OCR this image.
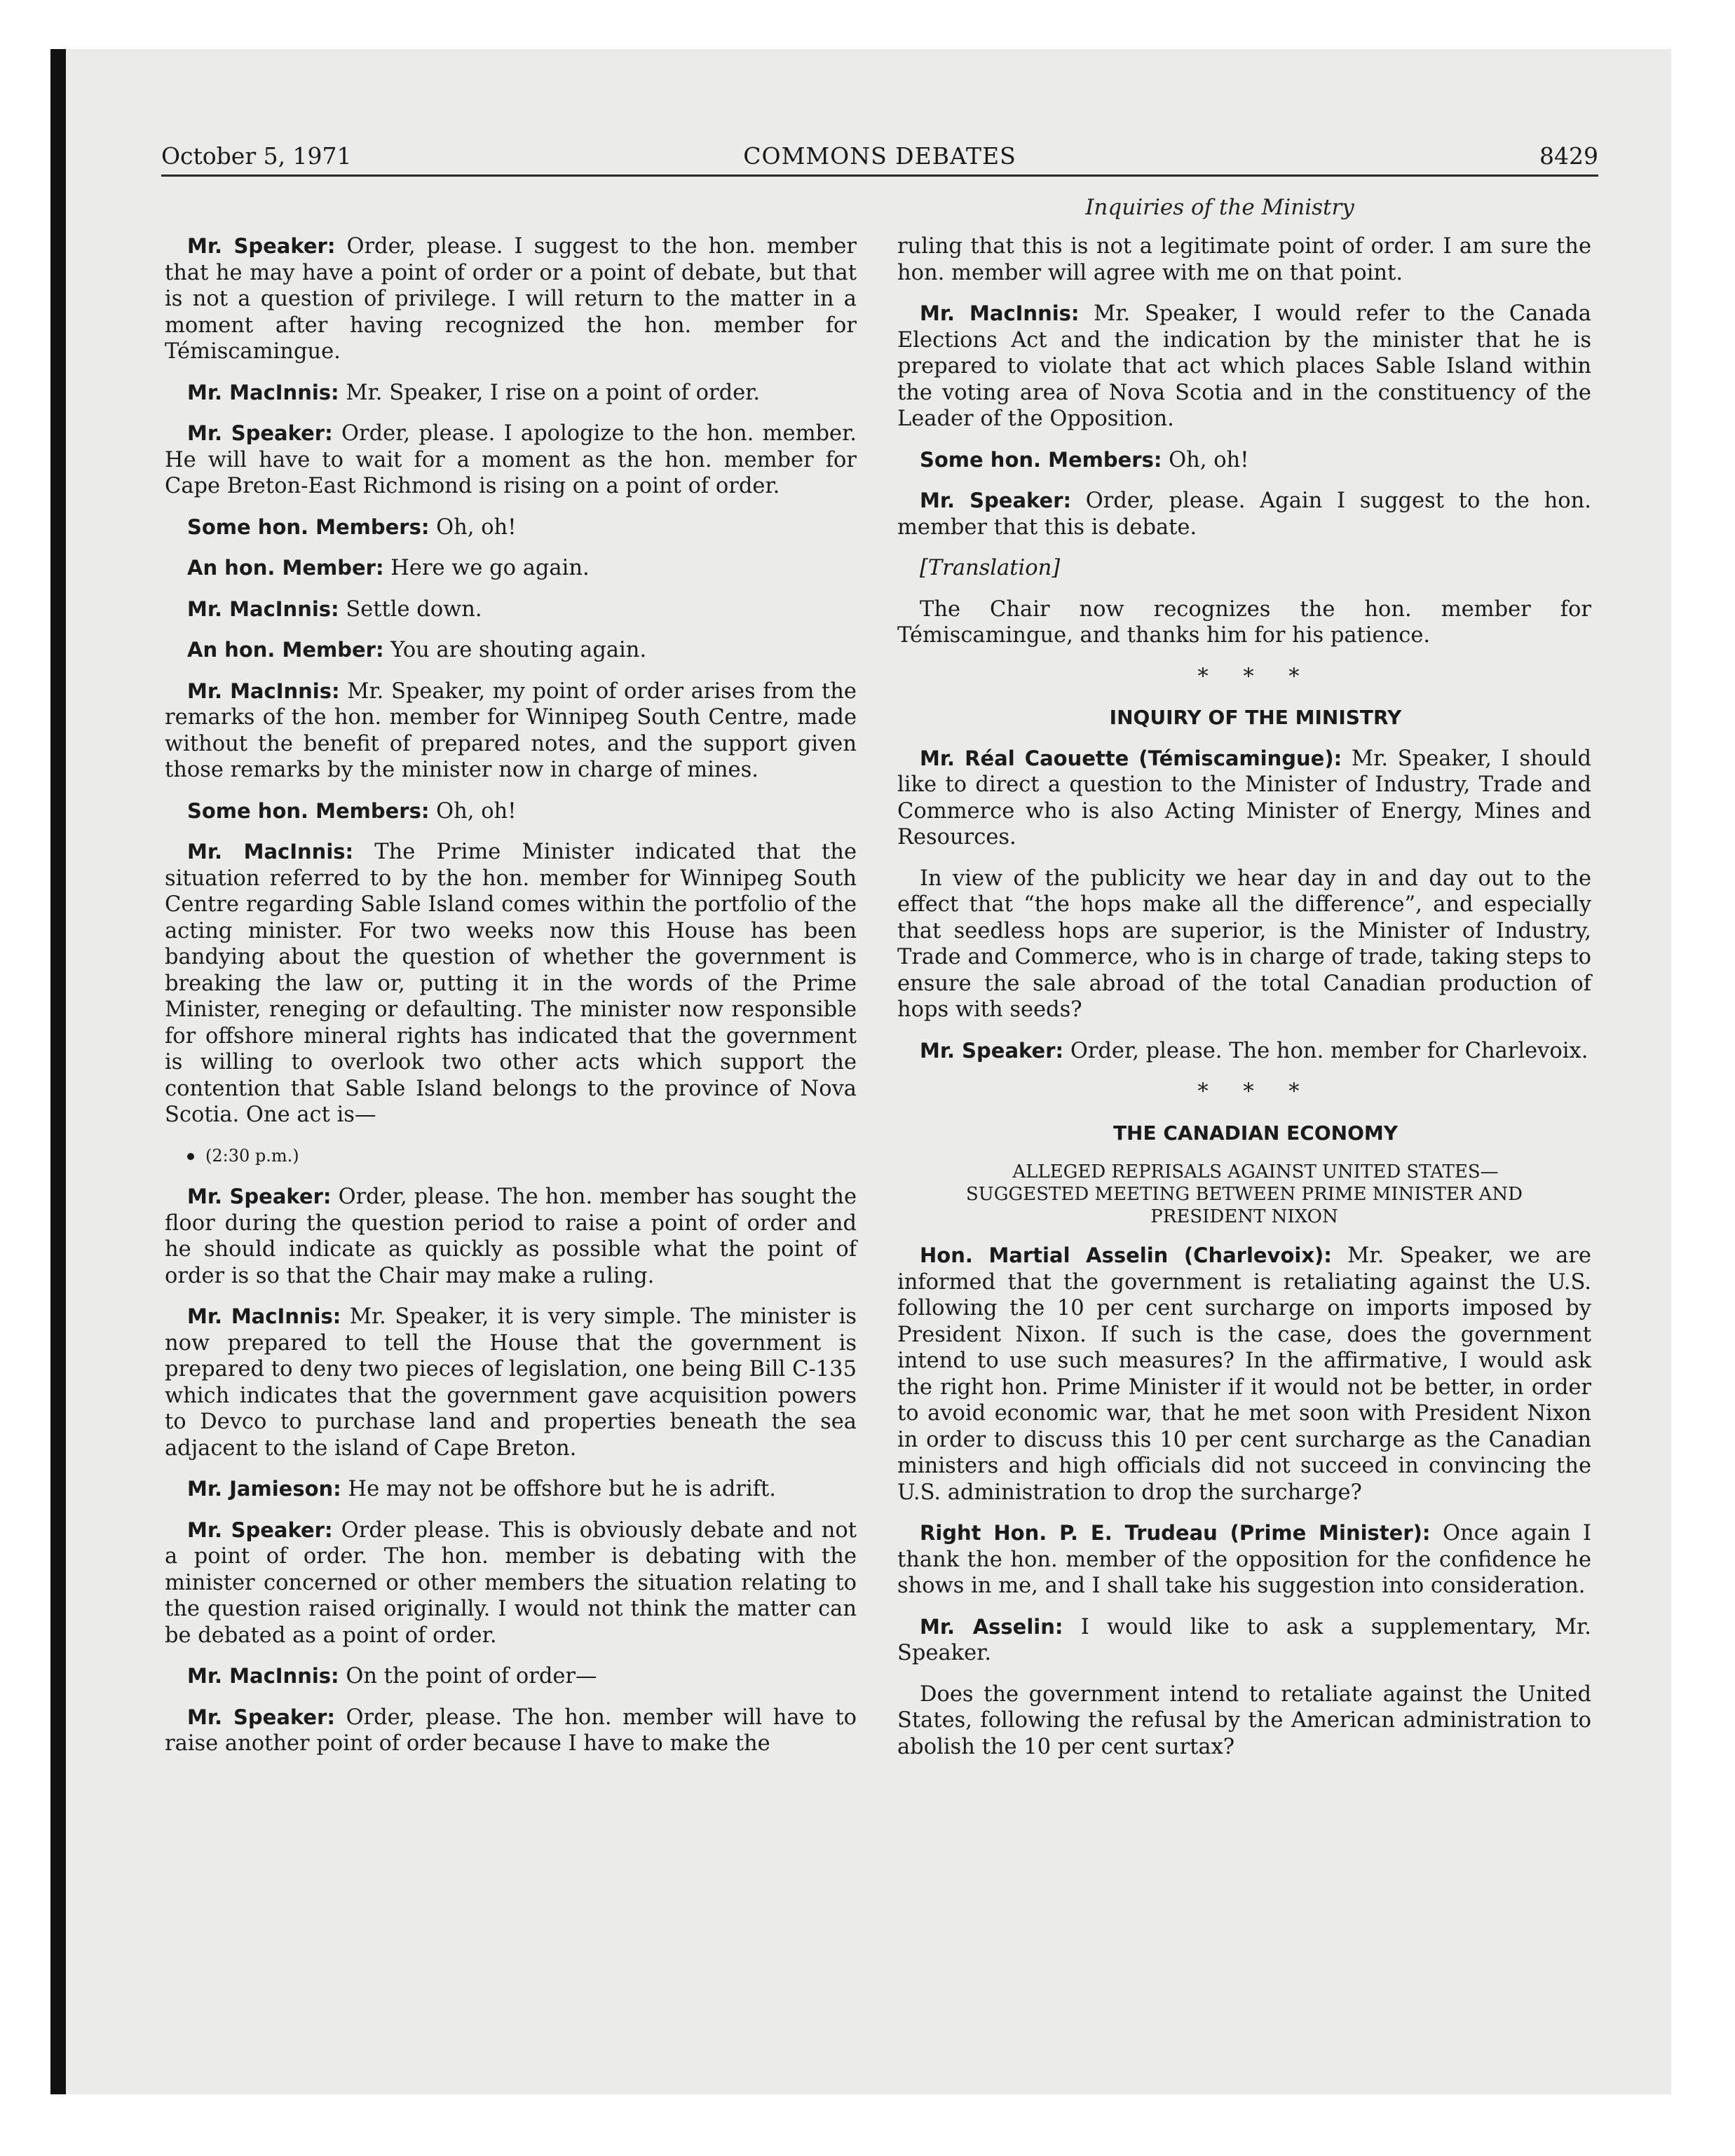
October 5, 1971	COMMONS DEBATES	8429
Inquiries of the Ministry

Mr. Speaker: Order, please. I suggest to the hon. member that he may have a point of order or a point of debate, but that is not a question of privilege. I will return to the matter in a moment after having recognized the hon. member for Témiscamingue.

Mr. MacInnis: Mr. Speaker, I rise on a point of order.

Mr. Speaker: Order, please. I apologize to the hon. member. He will have to wait for a moment as the hon. member for Cape Breton-East Richmond is rising on a point of order.

Some hon. Members: Oh, oh!

An hon. Member: Here we go again.

Mr. MacInnis: Settle down.

An hon. Member: You are shouting again.

Mr. MacInnis: Mr. Speaker, my point of order arises from the remarks of the hon. member for Winnipeg South Centre, made without the benefit of prepared notes, and the support given those remarks by the minister now in charge of mines.

Some hon. Members: Oh, oh!

Mr. MacInnis: The Prime Minister indicated that the situation referred to by the hon. member for Winnipeg South Centre regarding Sable Island comes within the portfolio of the acting minister. For two weeks now this House has been bandying about the question of whether the government is breaking the law or, putting it in the words of the Prime Minister, reneging or defaulting. The minister now responsible for offshore mineral rights has indicated that the government is willing to overlook two other acts which support the contention that Sable Island belongs to the province of Nova Scotia. One act is—

(2:30 p.m.)

Mr. Speaker: Order, please. The hon. member has sought the floor during the question period to raise a point of order and he should indicate as quickly as possible what the point of order is so that the Chair may make a ruling.

Mr. MacInnis: Mr. Speaker, it is very simple. The minister is now prepared to tell the House that the government is prepared to deny two pieces of legislation, one being Bill C-135 which indicates that the government gave acquisition powers to Devco to purchase land and properties beneath the sea adjacent to the island of Cape Breton.

Mr. Jamieson: He may not be offshore but he is adrift.

Mr. Speaker: Order please. This is obviously debate and not a point of order. The hon. member is debating with the minister concerned or other members the situation relating to the question raised originally. I would not think the matter can be debated as a point of order.

Mr. MacInnis: On the point of order—

Mr. Speaker: Order, please. The hon. member will have to raise another point of order because I have to make the

ruling that this is not a legitimate point of order. I am sure the hon. member will agree with me on that point.

Mr. MacInnis: Mr. Speaker, I would refer to the Canada Elections Act and the indication by the minister that he is prepared to violate that act which places Sable Island within the voting area of Nova Scotia and in the constituency of the Leader of the Opposition.

Some hon. Members: Oh, oh!

Mr. Speaker: Order, please. Again I suggest to the hon. member that this is debate.

[Translation]

The Chair now recognizes the hon. member for Témiscamingue, and thanks him for his patience.

* * *

INQUIRY OF THE MINISTRY

Mr. Réal Caouette (Témiscamingue): Mr. Speaker, I should like to direct a question to the Minister of Industry, Trade and Commerce who is also Acting Minister of Energy, Mines and Resources.

In view of the publicity we hear day in and day out to the effect that “the hops make all the difference”, and especially that seedless hops are superior, is the Minister of Industry, Trade and Commerce, who is in charge of trade, taking steps to ensure the sale abroad of the total Canadian production of hops with seeds?

Mr. Speaker: Order, please. The hon. member for Charlevoix.

* * *

THE CANADIAN ECONOMY

ALLEGED REPRISALS AGAINST UNITED STATES—
SUGGESTED MEETING BETWEEN PRIME MINISTER AND
PRESIDENT NIXON

Hon. Martial Asselin (Charlevoix): Mr. Speaker, we are informed that the government is retaliating against the U.S. following the 10 per cent surcharge on imports imposed by President Nixon. If such is the case, does the government intend to use such measures? In the affirmative, I would ask the right hon. Prime Minister if it would not be better, in order to avoid economic war, that he met soon with President Nixon in order to discuss this 10 per cent surcharge as the Canadian ministers and high officials did not succeed in convincing the U.S. administration to drop the surcharge?

Right Hon. P. E. Trudeau (Prime Minister): Once again I thank the hon. member of the opposition for the confidence he shows in me, and I shall take his suggestion into consideration.

Mr. Asselin: I would like to ask a supplementary, Mr. Speaker.

Does the government intend to retaliate against the United States, following the refusal by the American administration to abolish the 10 per cent surtax?
